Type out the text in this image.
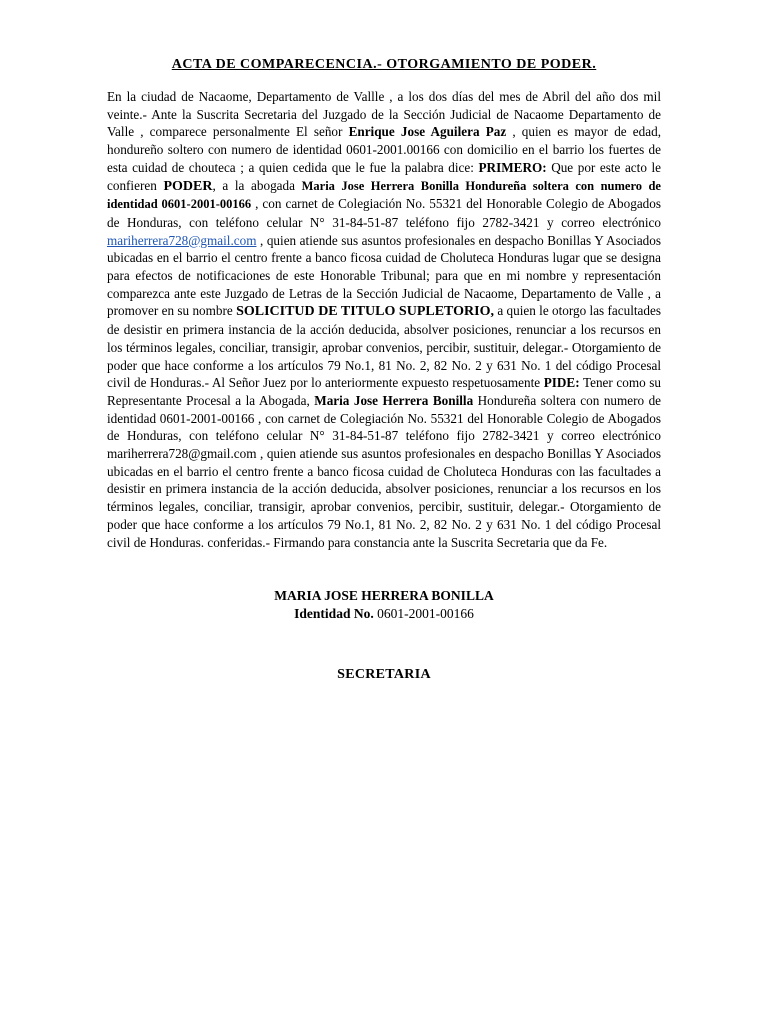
ACTA DE COMPARECENCIA.- OTORGAMIENTO DE PODER.

En la ciudad de Nacaome, Departamento de Vallle , a los dos días del mes de Abril del año dos mil veinte.- Ante la Suscrita Secretaria del Juzgado de la Sección Judicial de Nacaome Departamento de Valle , comparece personalmente El señor Enrique Jose Aguilera Paz , quien es mayor de edad, hondureño soltero con numero de identidad 0601-2001.00166 con domicilio en el barrio los fuertes de esta cuidad de chouteca ; a quien cedida que le fue la palabra dice: PRIMERO: Que por este acto le confieren PODER, a la abogada Maria Jose Herrera Bonilla Hondureña soltera con numero de identidad 0601-2001-00166 , con carnet de Colegiación No. 55321 del Honorable Colegio de Abogados de Honduras, con teléfono celular N° 31-84-51-87 teléfono fijo 2782-3421 y correo electrónico mariherrera728@gmail.com , quien atiende sus asuntos profesionales en despacho Bonillas Y Asociados ubicadas en el barrio el centro frente a banco ficosa cuidad de Choluteca Honduras lugar que se designa para efectos de notificaciones de este Honorable Tribunal; para que en mi nombre y representación comparezca ante este Juzgado de Letras de la Sección Judicial de Nacaome, Departamento de Valle , a promover en su nombre SOLICITUD DE TITULO SUPLETORIO, a quien le otorgo las facultades de desistir en primera instancia de la acción deducida, absolver posiciones, renunciar a los recursos en los términos legales, conciliar, transigir, aprobar convenios, percibir, sustituir, delegar.- Otorgamiento de poder que hace conforme a los artículos 79 No.1, 81 No. 2, 82 No. 2 y 631 No. 1 del código Procesal civil de Honduras.- Al Señor Juez por lo anteriormente expuesto respetuosamente PIDE: Tener como su Representante Procesal a la Abogada, Maria Jose Herrera Bonilla Hondureña soltera con numero de identidad 0601-2001-00166 , con carnet de Colegiación No. 55321 del Honorable Colegio de Abogados de Honduras, con teléfono celular N° 31-84-51-87 teléfono fijo 2782-3421 y correo electrónico mariherrera728@gmail.com , quien atiende sus asuntos profesionales en despacho Bonillas Y Asociados ubicadas en el barrio el centro frente a banco ficosa cuidad de Choluteca Honduras con las facultades a desistir en primera instancia de la acción deducida, absolver posiciones, renunciar a los recursos en los términos legales, conciliar, transigir, aprobar convenios, percibir, sustituir, delegar.- Otorgamiento de poder que hace conforme a los artículos 79 No.1, 81 No. 2, 82 No. 2 y 631 No. 1 del código Procesal civil de Honduras. conferidas.- Firmando para constancia ante la Suscrita Secretaria que da Fe.

MARIA JOSE HERRERA BONILLA
Identidad No. 0601-2001-00166
SECRETARIA
